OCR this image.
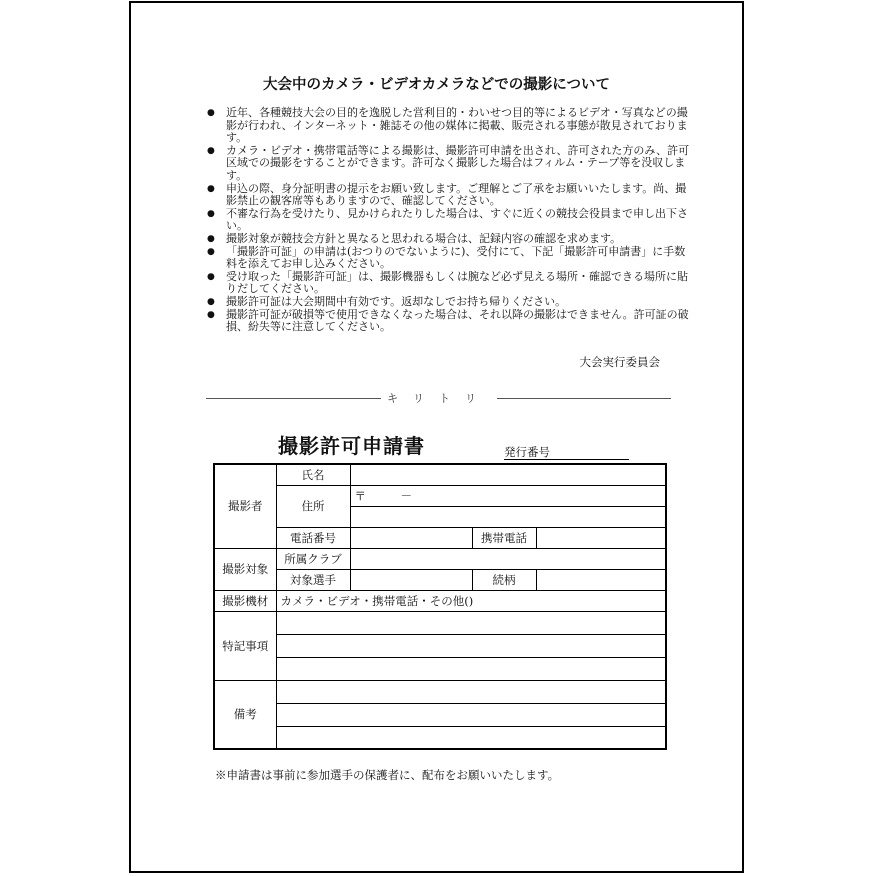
大会中のカメラ・ビデオカメラなどでの撮影について
● 近年、各種競技大会の目的を逸脱した営利目的・わいせつ目的等によるビデオ・写真などの撮影が行われ、インターネット・雑誌その他の媒体に掲載、販売される事態が散見されております。
● カメラ・ビデオ・携帯電話等による撮影は、撮影許可申請を出され、許可された方のみ、許可区域での撮影をすることができます。許可なく撮影した場合はフィルム・テープ等を没収します。
● 申込の際、身分証明書の提示をお願い致します。ご理解とご了承をお願いいたします。尚、撮影禁止の観客席等もありますので、確認してください。
● 不審な行為を受けたり、見かけられたりした場合は、すぐに近くの競技会役員まで申し出下さい。
● 撮影対象が競技会方針と異なると思われる場合は、記録内容の確認を求めます。
● 「撮影許可証」の申請は(おつりのでないように)、受付にて、下記「撮影許可申請書」に手数料を添えてお申し込みください。
● 受け取った「撮影許可証」は、撮影機器もしくは腕など必ず見える場所・確認できる場所に貼りだしてください。
● 撮影許可証は大会期間中有効です。返却なしでお持ち帰りください。
● 撮影許可証が破損等で使用できなくなった場合は、それ以降の撮影はできません。許可証の破損、紛失等に注意してください。
大会実行委員会
キリトリ
撮影許可申請書	発行番号
撮影者	氏名			
	住所	〒　　　－		

	電話番号		携帯電話	
撮影対象	所属クラブ			
	対象選手		続柄	
撮影機材	カメラ・ビデオ・携帯電話・その他()			
特記事項				

備考				

※申請書は事前に参加選手の保護者に、配布をお願いいたします。
